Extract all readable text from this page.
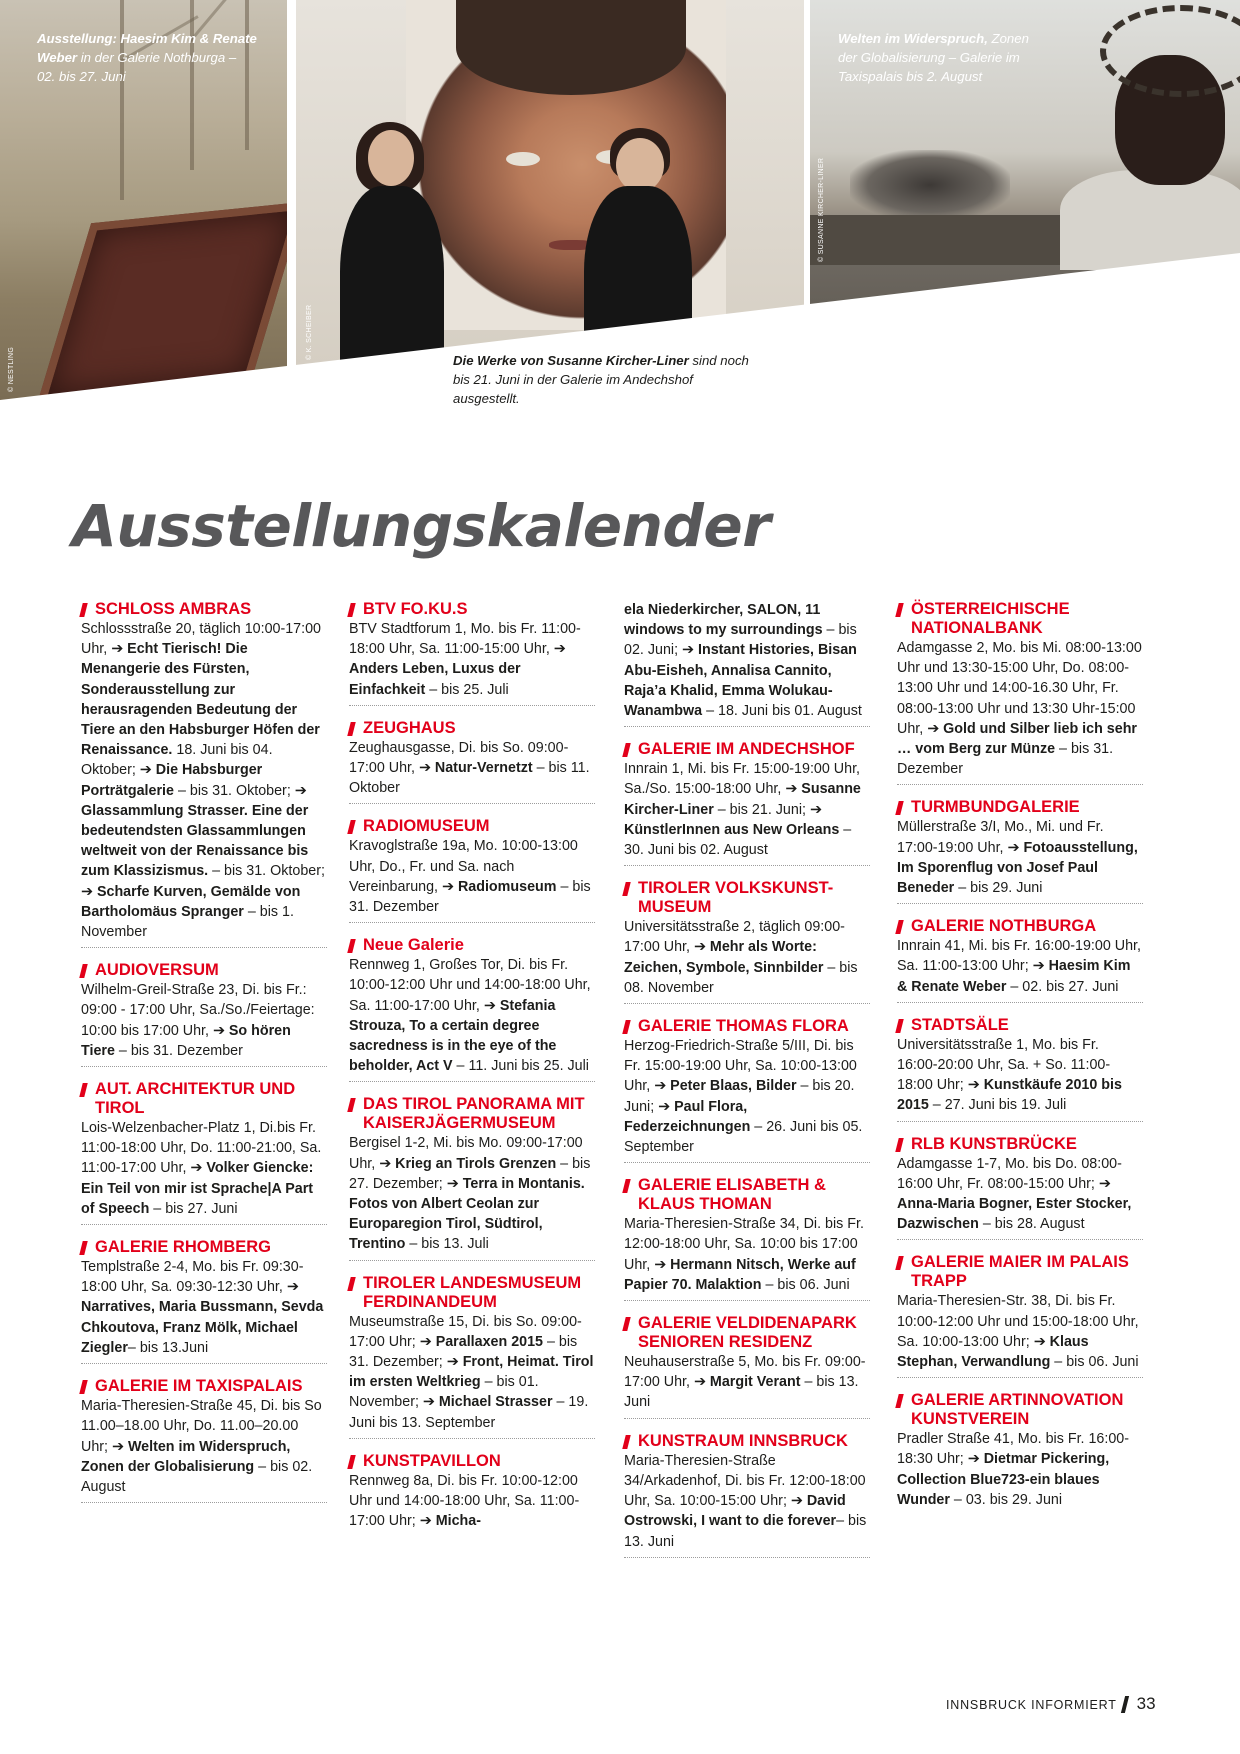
© NESTLING
© K. SCHEIBER
© SUSANNE KIRCHER-LINER
Ausstellung: Haesim Kim & Renate Weber in der Galerie Nothburga – 02. bis 27. Juni
Welten im Widerspruch, Zonen der Globalisierung – Galerie im Taxispalais bis 2. August
Die Werke von Susanne Kircher-Liner sind noch bis 21. Juni in der Galerie im Andechshof ausgestellt.
Ausstellungskalender
SCHLOSS AMBRAS
Schlossstraße 20, täglich 10:00-17:00 Uhr, ➔ Echt Tierisch! Die Menangerie des Fürsten, Sonderausstellung zur herausragenden Bedeutung der Tiere an den Habsburger Höfen der Renaissance. 18. Juni bis 04. Oktober; ➔ Die Habsburger Porträtgalerie – bis 31. Oktober; ➔ Glassammlung Strasser. Eine der bedeutendsten Glassammlungen weltweit von der Renaissance bis zum Klassizismus. – bis 31. Oktober; ➔ Scharfe Kurven, Gemälde von Bartholomäus Spranger – bis 1. November
AUDIOVERSUM
Wilhelm-Greil-Straße 23, Di. bis Fr.: 09:00 - 17:00 Uhr, Sa./So./Feiertage: 10:00 bis 17:00 Uhr, ➔ So hören Tiere – bis 31. Dezember
AUT. ARCHITEKTUR UND TIROL
Lois-Welzenbacher-Platz 1, Di.bis Fr. 11:00-18:00 Uhr, Do. 11:00-21:00, Sa. 11:00-17:00 Uhr, ➔ Volker Giencke: Ein Teil von mir ist Sprache|A Part of Speech – bis 27. Juni
GALERIE RHOMBERG
Templstraße 2-4, Mo. bis Fr. 09:30-18:00 Uhr, Sa. 09:30-12:30 Uhr, ➔ Narratives, Maria Bussmann, Sevda Chkoutova, Franz Mölk, Michael Ziegler– bis 13.Juni
GALERIE IM TAXISPALAIS
Maria-Theresien-Straße 45, Di. bis So 11.00–18.00 Uhr, Do. 11.00–20.00 Uhr; ➔ Welten im Widerspruch, Zonen der Globalisierung – bis 02. August
BTV FO.KU.S
BTV Stadtforum 1, Mo. bis Fr. 11:00-18:00 Uhr, Sa. 11:00-15:00 Uhr, ➔ Anders Leben, Luxus der Einfachkeit – bis 25. Juli
ZEUGHAUS
Zeughausgasse, Di. bis So. 09:00-17:00 Uhr, ➔ Natur-Vernetzt – bis 11. Oktober
RADIOMUSEUM
Kravoglstraße 19a, Mo. 10:00-13:00 Uhr, Do., Fr. und Sa. nach Vereinbarung, ➔ Radiomuseum – bis 31. Dezember
Neue Galerie
Rennweg 1, Großes Tor, Di. bis Fr. 10:00-12:00 Uhr und 14:00-18:00 Uhr, Sa. 11:00-17:00 Uhr, ➔ Stefania Strouza, To a certain degree sacredness is in the eye of the beholder, Act V – 11. Juni bis 25. Juli
DAS TIROL PANORAMA MIT KAISERJÄGERMUSEUM
Bergisel 1-2, Mi. bis Mo. 09:00-17:00 Uhr, ➔ Krieg an Tirols Grenzen – bis 27. Dezember; ➔ Terra in Montanis. Fotos von Albert Ceolan zur Europaregion Tirol, Südtirol, Trentino – bis 13. Juli
TIROLER LANDESMUSEUM FERDINANDEUM
Museumstraße 15, Di. bis So. 09:00-17:00 Uhr; ➔ Parallaxen 2015 – bis 31. Dezember; ➔ Front, Heimat. Tirol im ersten Weltkrieg – bis 01. November; ➔ Michael Strasser – 19. Juni bis 13. September
KUNSTPAVILLON
Rennweg 8a, Di. bis Fr. 10:00-12:00 Uhr und 14:00-18:00 Uhr, Sa. 11:00-17:00 Uhr; ➔ Micha-
ela Niederkircher, SALON, 11 windows to my surroundings – bis 02. Juni; ➔ Instant Histories, Bisan Abu-Eisheh, Annalisa Cannito, Raja’a Khalid, Emma Wolukau-Wanambwa – 18. Juni bis 01. August
GALERIE IM ANDECHSHOF
Innrain 1, Mi. bis Fr. 15:00-19:00 Uhr, Sa./So. 15:00-18:00 Uhr, ➔ Susanne Kircher-Liner – bis 21. Juni; ➔ KünstlerInnen aus New Orleans – 30. Juni bis 02. August
TIROLER VOLKSKUNST-MUSEUM
Universitätsstraße 2, täglich 09:00-17:00 Uhr, ➔ Mehr als Worte: Zeichen, Symbole, Sinnbilder – bis 08. November
GALERIE THOMAS FLORA
Herzog-Friedrich-Straße 5/III, Di. bis Fr. 15:00-19:00 Uhr, Sa. 10:00-13:00 Uhr, ➔ Peter Blaas, Bilder – bis 20. Juni; ➔ Paul Flora, Federzeichnungen – 26. Juni bis 05. September
GALERIE ELISABETH & KLAUS THOMAN
Maria-Theresien-Straße 34, Di. bis Fr. 12:00-18:00 Uhr, Sa. 10:00 bis 17:00 Uhr, ➔ Hermann Nitsch, Werke auf Papier 70. Malaktion – bis 06. Juni
GALERIE VELDIDENAPARK SENIOREN RESIDENZ
Neuhauserstraße 5, Mo. bis Fr. 09:00-17:00 Uhr, ➔ Margit Verant – bis 13. Juni
KUNSTRAUM INNSBRUCK
Maria-Theresien-Straße 34/Arkadenhof, Di. bis Fr. 12:00-18:00 Uhr, Sa. 10:00-15:00 Uhr; ➔ David Ostrowski, I want to die forever– bis 13. Juni
ÖSTERREICHISCHE NATIONALBANK
Adamgasse 2, Mo. bis Mi. 08:00-13:00 Uhr und 13:30-15:00 Uhr, Do. 08:00-13:00 Uhr und 14:00-16.30 Uhr, Fr. 08:00-13:00 Uhr und 13:30 Uhr-15:00 Uhr, ➔ Gold und Silber lieb ich sehr … vom Berg zur Münze – bis 31. Dezember
TURMBUNDGALERIE
Müllerstraße 3/I, Mo., Mi. und Fr. 17:00-19:00 Uhr, ➔ Fotoausstellung, Im Sporenflug von Josef Paul Beneder – bis 29. Juni
GALERIE NOTHBURGA
Innrain 41, Mi. bis Fr. 16:00-19:00 Uhr, Sa. 11:00-13:00 Uhr; ➔ Haesim Kim & Renate Weber – 02. bis 27. Juni
STADTSÄLE
Universitätsstraße 1, Mo. bis Fr. 16:00-20:00 Uhr, Sa. + So. 11:00-18:00 Uhr; ➔ Kunstkäufe 2010 bis 2015 – 27. Juni bis 19. Juli
RLB KUNSTBRÜCKE
Adamgasse 1-7, Mo. bis Do. 08:00-16:00 Uhr, Fr. 08:00-15:00 Uhr; ➔ Anna-Maria Bogner, Ester Stocker, Dazwischen – bis 28. August
GALERIE MAIER IM PALAIS TRAPP
Maria-Theresien-Str. 38, Di. bis Fr. 10:00-12:00 Uhr und 15:00-18:00 Uhr, Sa. 10:00-13:00 Uhr; ➔ Klaus Stephan, Verwandlung – bis 06. Juni
GALERIE ARTINNOVATION KUNSTVEREIN
Pradler Straße 41, Mo. bis Fr. 16:00-18:30 Uhr; ➔ Dietmar Pickering, Collection Blue723-ein blaues Wunder – 03. bis 29. Juni
INNSBRUCK INFORMIERT 33
